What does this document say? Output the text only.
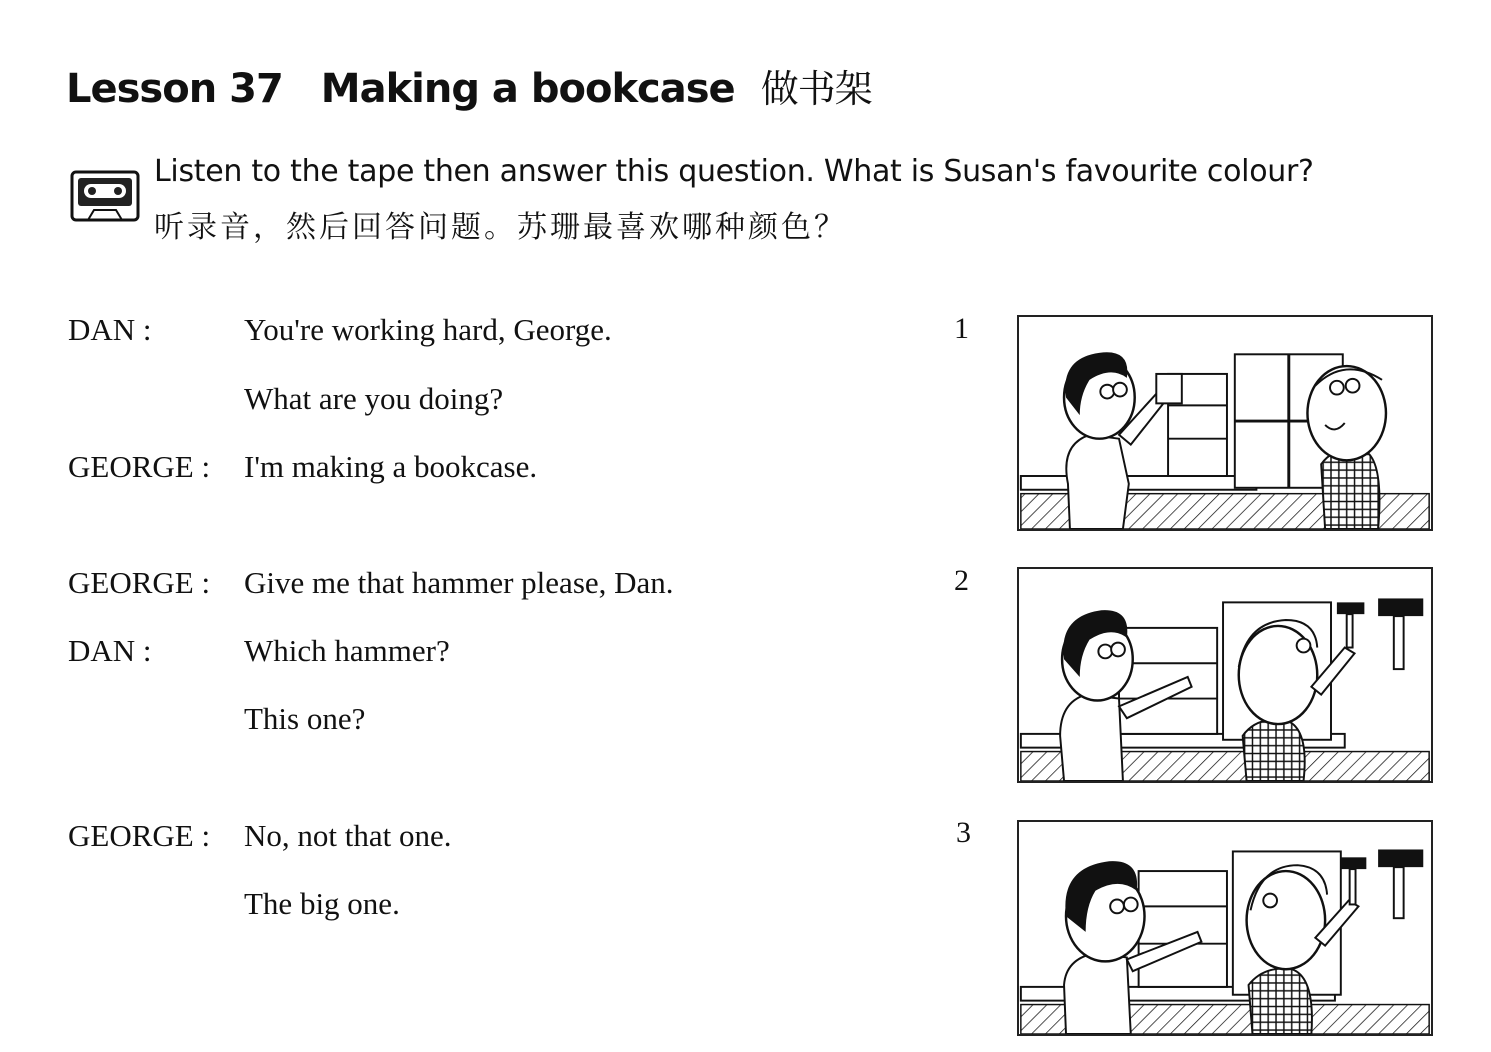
Lesson 37 Making a bookcase 做书架
Listen to the tape then answer this question. What is Susan's favourite colour?
听录音，然后回答问题。苏珊最喜欢哪种颜色？
DAN :	You're working hard, George.
What are you doing?
GEORGE : I'm making a bookcase.
GEORGE : Give me that hammer please, Dan.
DAN :	Which hammer?
This one?
GEORGE : No, not that one.
The big one.
1
2
3
